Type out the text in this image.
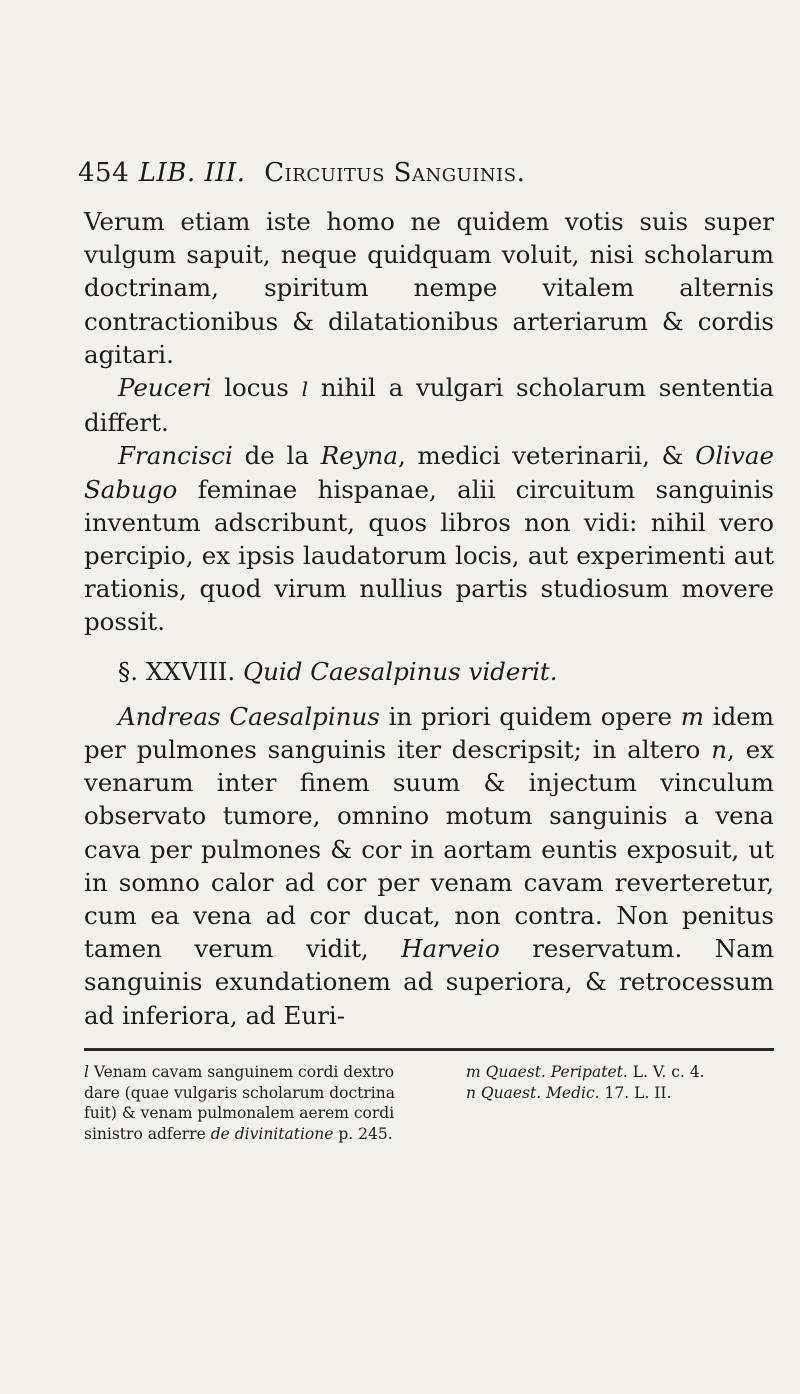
454 LIB. III. Circuitus Sanguinis.

Verum etiam iste homo ne quidem votis suis super vulgum sapuit, neque quidquam voluit, nisi scholarum doctrinam, spiritum nempe vitalem alternis contractionibus & dilatationibus arteriarum & cordis agitari.

Peuceri locus l nihil a vulgari scholarum sententia differt.

Francisci de la Reyna, medici veterinarii, & Olivae Sabugo feminae hispanae, alii circuitum sanguinis inventum adscribunt, quos libros non vidi: nihil vero percipio, ex ipsis laudatorum locis, aut experimenti aut rationis, quod virum nullius partis studiosum movere possit.

§. XXVIII. Quid Caesalpinus viderit.

Andreas Caesalpinus in priori quidem opere m idem per pulmones sanguinis iter descripsit; in altero n, ex venarum inter finem suum & injectum vinculum observato tumore, omnino motum sanguinis a vena cava per pulmones & cor in aortam euntis exposuit, ut in somno calor ad cor per venam cavam reverteretur, cum ea vena ad cor ducat, non contra. Non penitus tamen verum vidit, Harveio reservatum. Nam sanguinis exundationem ad superiora, & retrocessum ad inferiora, ad Euri-

l Venam cavam sanguinem cordi dextro dare (quae vulgaris scholarum doctrina fuit) & venam pulmonalem aerem cordi sinistro adferre de divinitatione p. 245.

m Quaest. Peripatet. L. V. c. 4.

n Quaest. Medic. 17. L. II.
